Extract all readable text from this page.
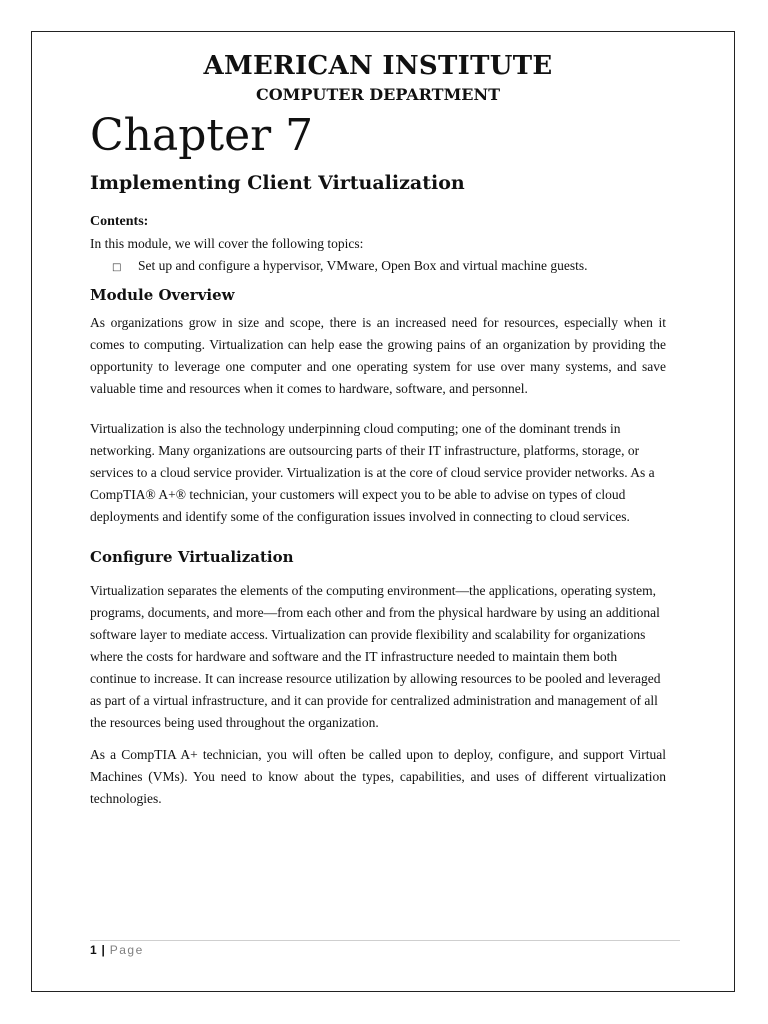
AMERICAN INSTITUTE
COMPUTER DEPARTMENT
Chapter 7
Implementing Client Virtualization
Contents:
In this module, we will cover the following topics:
□	Set up and configure a hypervisor, VMware, Open Box and virtual machine guests.
Module Overview

As organizations grow in size and scope, there is an increased need for resources, especially when it comes to computing. Virtualization can help ease the growing pains of an organization by providing the opportunity to leverage one computer and one operating system for use over many systems, and save valuable time and resources when it comes to hardware, software, and personnel.

Virtualization is also the technology underpinning cloud computing; one of the dominant trends in networking. Many organizations are outsourcing parts of their IT infrastructure, platforms, storage, or services to a cloud service provider. Virtualization is at the core of cloud service provider networks. As a CompTIA® A+® technician, your customers will expect you to be able to advise on types of cloud deployments and identify some of the configuration issues involved in connecting to cloud services.

Configure Virtualization

Virtualization separates the elements of the computing environment—the applications, operating system, programs, documents, and more—from each other and from the physical hardware by using an additional software layer to mediate access. Virtualization can provide flexibility and scalability for organizations where the costs for hardware and software and the IT infrastructure needed to maintain them both continue to increase. It can increase resource utilization by allowing resources to be pooled and leveraged as part of a virtual infrastructure, and it can provide for centralized administration and management of all the resources being used throughout the organization.

As a CompTIA A+ technician, you will often be called upon to deploy, configure, and support Virtual Machines (VMs). You need to know about the types, capabilities, and uses of different virtualization technologies.

1 | Page
